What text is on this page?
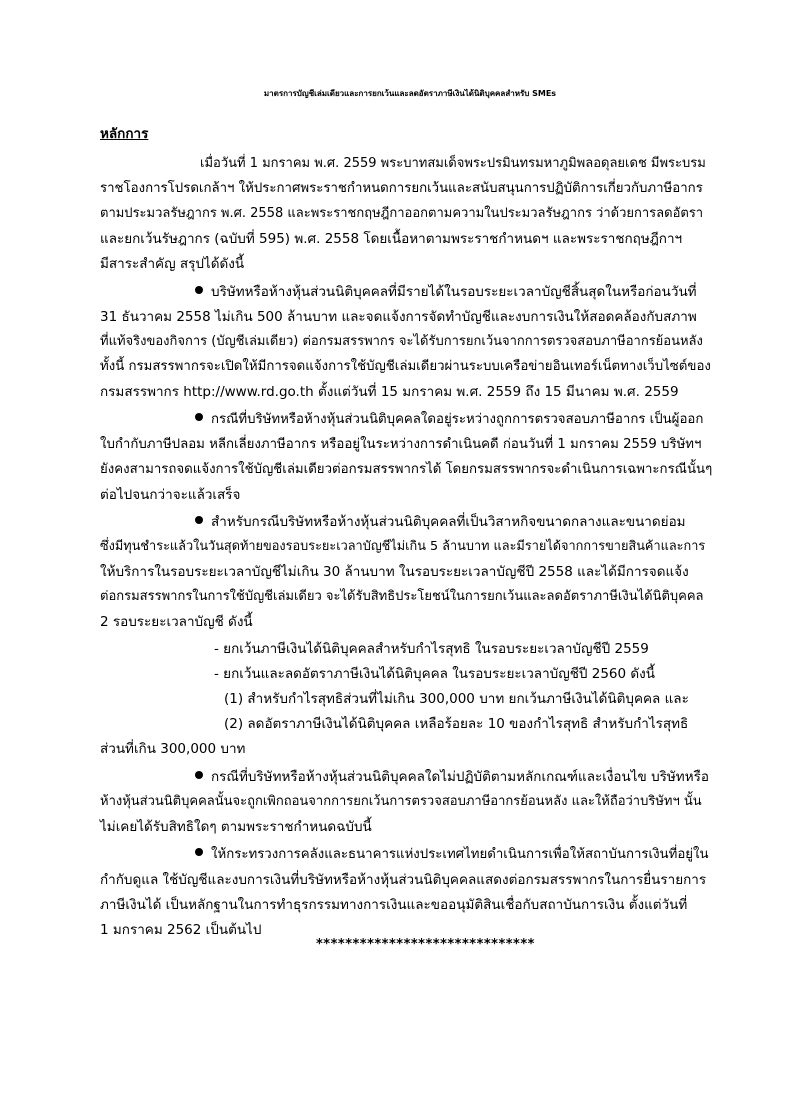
มาตรการบัญชีเล่มเดียวและการยกเว้นและลดอัตราภาษีเงินได้นิติบุคคลสำหรับ SMEs
หลักการ
เมื่อวันที่ 1 มกราคม พ.ศ. 2559 พระบาทสมเด็จพระปรมินทรมหาภูมิพลอดุลยเดช มีพระบรม
ราชโองการโปรดเกล้าฯ ให้ประกาศพระราชกำหนดการยกเว้นและสนับสนุนการปฏิบัติการเกี่ยวกับภาษีอากร
ตามประมวลรัษฎากร พ.ศ. 2558 และพระราชกฤษฎีกาออกตามความในประมวลรัษฎากร ว่าด้วยการลดอัตรา
และยกเว้นรัษฎากร (ฉบับที่ 595) พ.ศ. 2558 โดยเนื้อหาตามพระราชกำหนดฯ และพระราชกฤษฎีกาฯ
มีสาระสำคัญ สรุปได้ดังนี้
บริษัทหรือห้างหุ้นส่วนนิติบุคคลที่มีรายได้ในรอบระยะเวลาบัญชีสิ้นสุดในหรือก่อนวันที่
31 ธันวาคม 2558 ไม่เกิน 500 ล้านบาท และจดแจ้งการจัดทำบัญชีและงบการเงินให้สอดคล้องกับสภาพ
ที่แท้จริงของกิจการ (บัญชีเล่มเดียว) ต่อกรมสรรพากร จะได้รับการยกเว้นจากการตรวจสอบภาษีอากรย้อนหลัง
ทั้งนี้ กรมสรรพากรจะเปิดให้มีการจดแจ้งการใช้บัญชีเล่มเดียวผ่านระบบเครือข่ายอินเทอร์เน็ตทางเว็บไซต์ของ
กรมสรรพากร http://www.rd.go.th ตั้งแต่วันที่ 15 มกราคม พ.ศ. 2559 ถึง 15 มีนาคม พ.ศ. 2559
กรณีที่บริษัทหรือห้างหุ้นส่วนนิติบุคคลใดอยู่ระหว่างถูกการตรวจสอบภาษีอากร เป็นผู้ออก
ใบกำกับภาษีปลอม หลีกเลี่ยงภาษีอากร หรืออยู่ในระหว่างการดำเนินคดี ก่อนวันที่ 1 มกราคม 2559 บริษัทฯ
ยังคงสามารถจดแจ้งการใช้บัญชีเล่มเดียวต่อกรมสรรพากรได้ โดยกรมสรรพากรจะดำเนินการเฉพาะกรณีนั้นๆ
ต่อไปจนกว่าจะแล้วเสร็จ
สำหรับกรณีบริษัทหรือห้างหุ้นส่วนนิติบุคคลที่เป็นวิสาหกิจขนาดกลางและขนาดย่อม
ซึ่งมีทุนชำระแล้วในวันสุดท้ายของรอบระยะเวลาบัญชีไม่เกิน 5 ล้านบาท และมีรายได้จากการขายสินค้าและการ
ให้บริการในรอบระยะเวลาบัญชีไม่เกิน 30 ล้านบาท ในรอบระยะเวลาบัญชีปี 2558 และได้มีการจดแจ้ง
ต่อกรมสรรพากรในการใช้บัญชีเล่มเดียว จะได้รับสิทธิประโยชน์ในการยกเว้นและลดอัตราภาษีเงินได้นิติบุคคล
2 รอบระยะเวลาบัญชี ดังนี้
- ยกเว้นภาษีเงินได้นิติบุคคลสำหรับกำไรสุทธิ ในรอบระยะเวลาบัญชีปี 2559
- ยกเว้นและลดอัตราภาษีเงินได้นิติบุคคล ในรอบระยะเวลาบัญชีปี 2560 ดังนี้
(1) สำหรับกำไรสุทธิส่วนที่ไม่เกิน 300,000 บาท ยกเว้นภาษีเงินได้นิติบุคคล และ
(2) ลดอัตราภาษีเงินได้นิติบุคคล เหลือร้อยละ 10 ของกำไรสุทธิ สำหรับกำไรสุทธิ
ส่วนที่เกิน 300,000 บาท
กรณีที่บริษัทหรือห้างหุ้นส่วนนิติบุคคลใดไม่ปฏิบัติตามหลักเกณฑ์และเงื่อนไข บริษัทหรือ
ห้างหุ้นส่วนนิติบุคคลนั้นจะถูกเพิกถอนจากการยกเว้นการตรวจสอบภาษีอากรย้อนหลัง และให้ถือว่าบริษัทฯ นั้น
ไม่เคยได้รับสิทธิใดๆ ตามพระราชกำหนดฉบับนี้
ให้กระทรวงการคลังและธนาคารแห่งประเทศไทยดำเนินการเพื่อให้สถาบันการเงินที่อยู่ใน
กำกับดูแล ใช้บัญชีและงบการเงินที่บริษัทหรือห้างหุ้นส่วนนิติบุคคลแสดงต่อกรมสรรพากรในการยื่นรายการ
ภาษีเงินได้ เป็นหลักฐานในการทำธุรกรรมทางการเงินและขออนุมัติสินเชื่อกับสถาบันการเงิน ตั้งแต่วันที่
1 มกราคม 2562 เป็นต้นไป
******************************
